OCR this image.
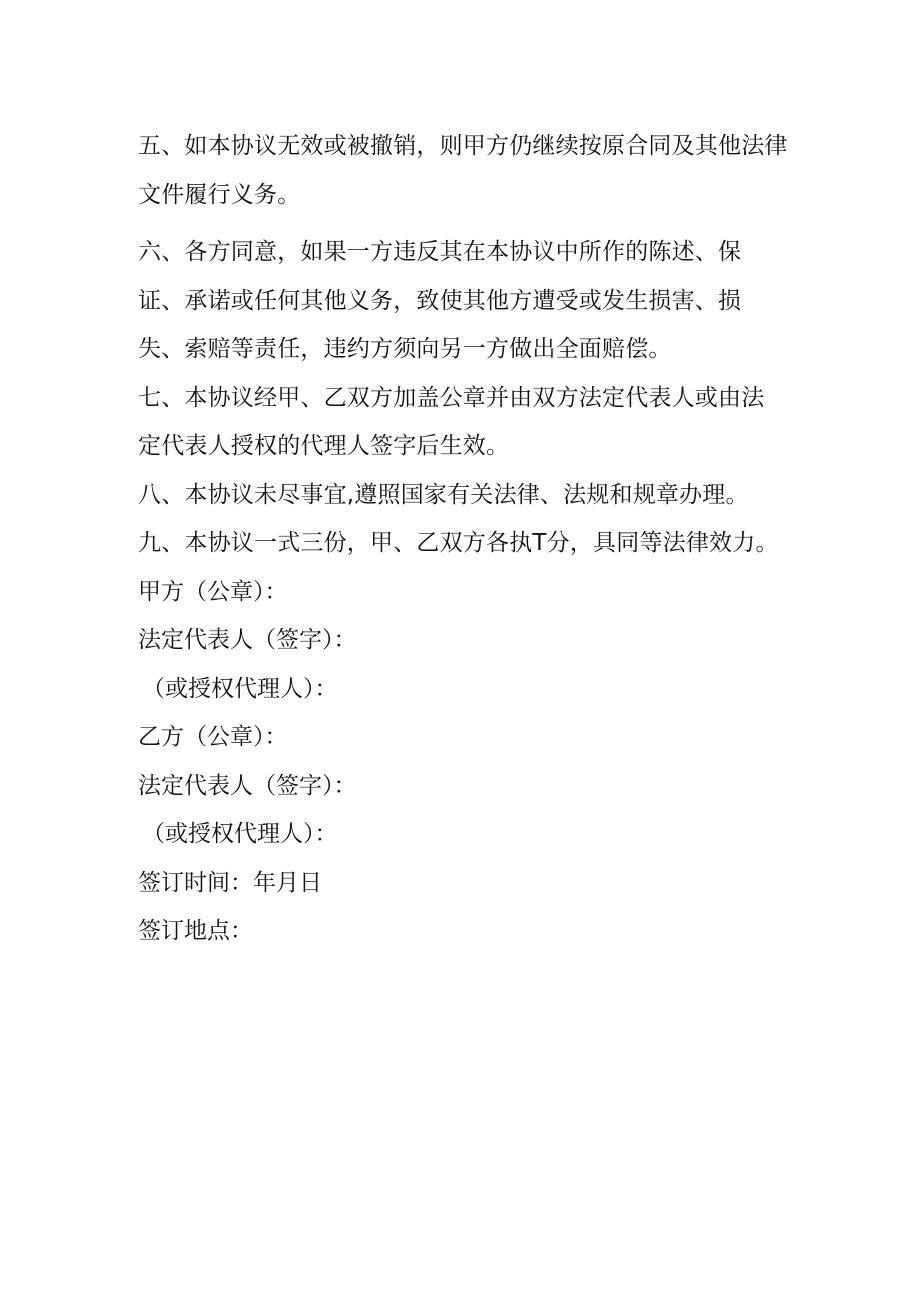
五、如本协议无效或被撤销，则甲方仍继续按原合同及其他法律

文件履行义务。

六、各方同意，如果一方违反其在本协议中所作的陈述、保

证、承诺或任何其他义务，致使其他方遭受或发生损害、损

失、索赔等责任，违约方须向另一方做出全面赔偿。

七、本协议经甲、乙双方加盖公章并由双方法定代表人或由法

定代表人授权的代理人签字后生效。

八、本协议未尽事宜,遵照国家有关法律、法规和规章办理。

九、本协议一式三份，甲、乙双方各执T分，具同等法律效力。

甲方（公章）：

法定代表人（签字）：

（或授权代理人）：

乙方（公章）：

法定代表人（签字）：

（或授权代理人）：

签订时间：年月日

签订地点：
